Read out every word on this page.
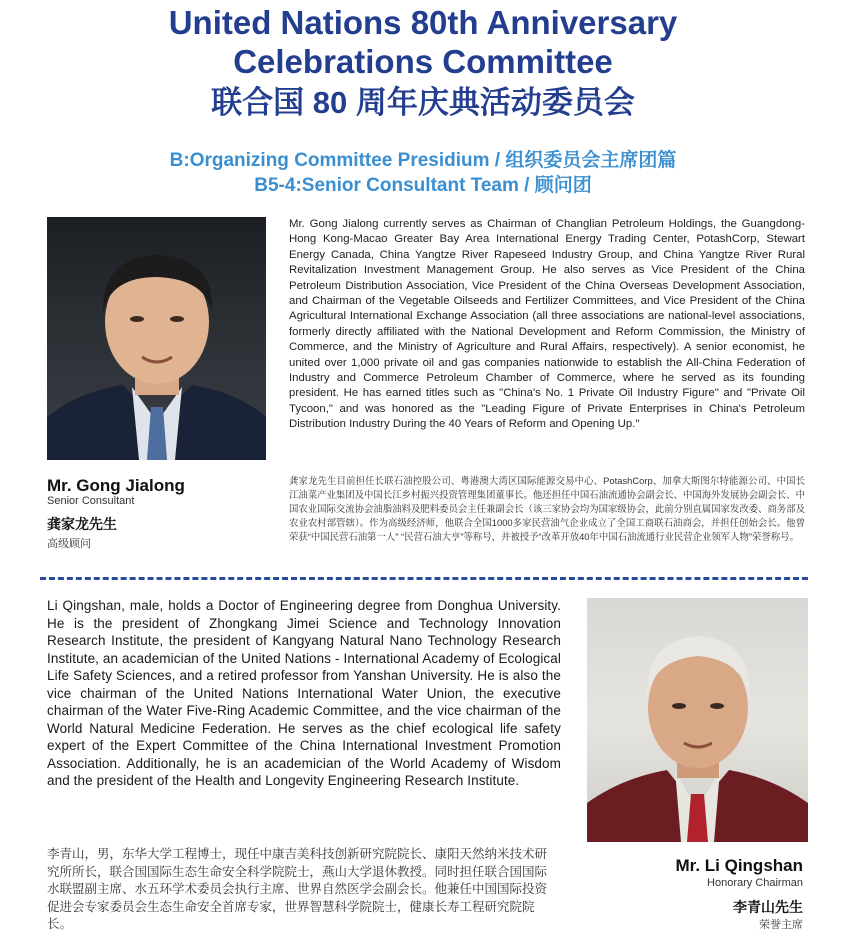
United Nations 80th Anniversary
Celebrations Committee
联合国 80 周年庆典活动委员会
B:Organizing Committee Presidium / 组织委员会主席团篇
B5-4:Senior Consultant Team / 顾问团

Mr. Gong Jialong currently serves as Chairman of Changlian Petroleum Holdings, the Guangdong-Hong Kong-Macao Greater Bay Area International Energy Trading Center, PotashCorp, Stewart Energy Canada, China Yangtze River Rapeseed Industry Group, and China Yangtze River Rural Revitalization Investment Management Group. He also serves as Vice President of the China Petroleum Distribution Association, Vice President of the China Overseas Development Association, and Chairman of the Vegetable Oilseeds and Fertilizer Committees, and Vice President of the China Agricultural International Exchange Association (all three associations are national-level associations, formerly directly affiliated with the National Development and Reform Commission, the Ministry of Commerce, and the Ministry of Agriculture and Rural Affairs, respectively). A senior economist, he united over 1,000 private oil and gas companies nationwide to establish the All-China Federation of Industry and Commerce Petroleum Chamber of Commerce, where he served as its founding president. He has earned titles such as "China's No. 1 Private Oil Industry Figure" and "Private Oil Tycoon," and was honored as the "Leading Figure of Private Enterprises in China's Petroleum Distribution Industry During the 40 Years of Reform and Opening Up."

Mr. Gong Jialong

Senior Consultant

龚家龙先生

高级顾问

龚家龙先生目前担任长联石油控股公司、粤港澳大湾区国际能源交易中心、PotashCorp、加拿大斯图尔特能源公司、中国长江油菜产业集团及中国长江乡村振兴投资管理集团董事长。他还担任中国石油流通协会副会长、中国海外发展协会副会长、中国农业国际交流协会油脂油料及肥料委员会主任兼副会长（该三家协会均为国家级协会，此前分别直属国家发改委、商务部及农业农村部管辖）。作为高级经济师，他联合全国1000多家民营油气企业成立了全国工商联石油商会，并担任创始会长。他曾荣获“中国民营石油第一人” “民营石油大亨”等称号，并被授予“改革开放40年中国石油流通行业民营企业领军人物”荣誉称号。

Li Qingshan, male, holds a Doctor of Engineering degree from Donghua University. He is the president of Zhongkang Jimei Science and Technology Innovation Research Institute, the president of Kangyang Natural Nano Technology Research Institute, an academician of the United Nations - International Academy of Ecological Life Safety Sciences, and a retired professor from Yanshan University. He is also the vice chairman of the United Nations International Water Union, the executive chairman of the Water Five-Ring Academic Committee, and the vice chairman of the World Natural Medicine Federation. He serves as the chief ecological life safety expert of the Expert Committee of the China International Investment Promotion Association. Additionally, he is an academician of the World Academy of Wisdom and the president of the Health and Longevity Engineering Research Institute.

李青山，男，东华大学工程博士，现任中康吉美科技创新研究院院长、康阳天然纳米技术研究所所长，联合国国际生态生命安全科学院院士，燕山大学退休教授。同时担任联合国国际水联盟副主席、水五环学术委员会执行主席、世界自然医学会副会长。他兼任中国国际投资促进会专家委员会生态生命安全首席专家，世界智慧科学院院士，健康长寿工程研究院院长。

Mr. Li Qingshan

Honorary Chairman

李青山先生

荣誉主席
